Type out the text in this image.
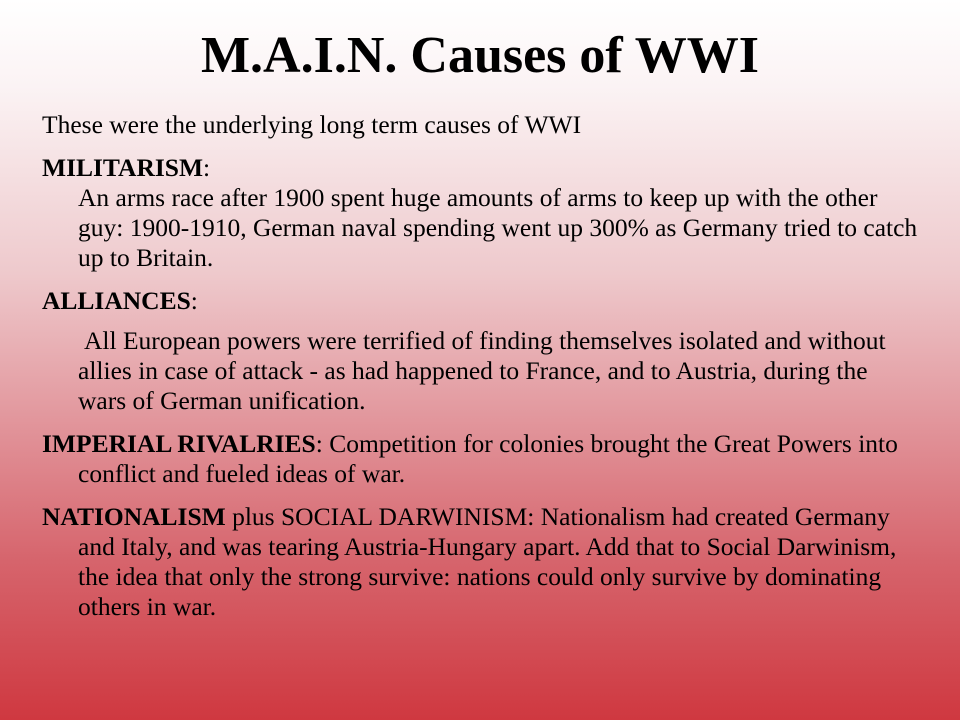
M.A.I.N. Causes of WWI

These were the underlying long term causes of WWI

MILITARISM:
An arms race after 1900 spent huge amounts of arms to keep up with the other guy: 1900-1910, German naval spending went up 300% as Germany tried to catch up to Britain.
ALLIANCES:
All European powers were terrified of finding themselves isolated and without allies in case of attack - as had happened to France, and to Austria, during the wars of German unification.
IMPERIAL RIVALRIES: Competition for colonies brought the Great Powers into conflict and fueled ideas of war.
NATIONALISM plus SOCIAL DARWINISM: Nationalism had created Germany and Italy, and was tearing Austria-Hungary apart. Add that to Social Darwinism, the idea that only the strong survive: nations could only survive by dominating others in war.
